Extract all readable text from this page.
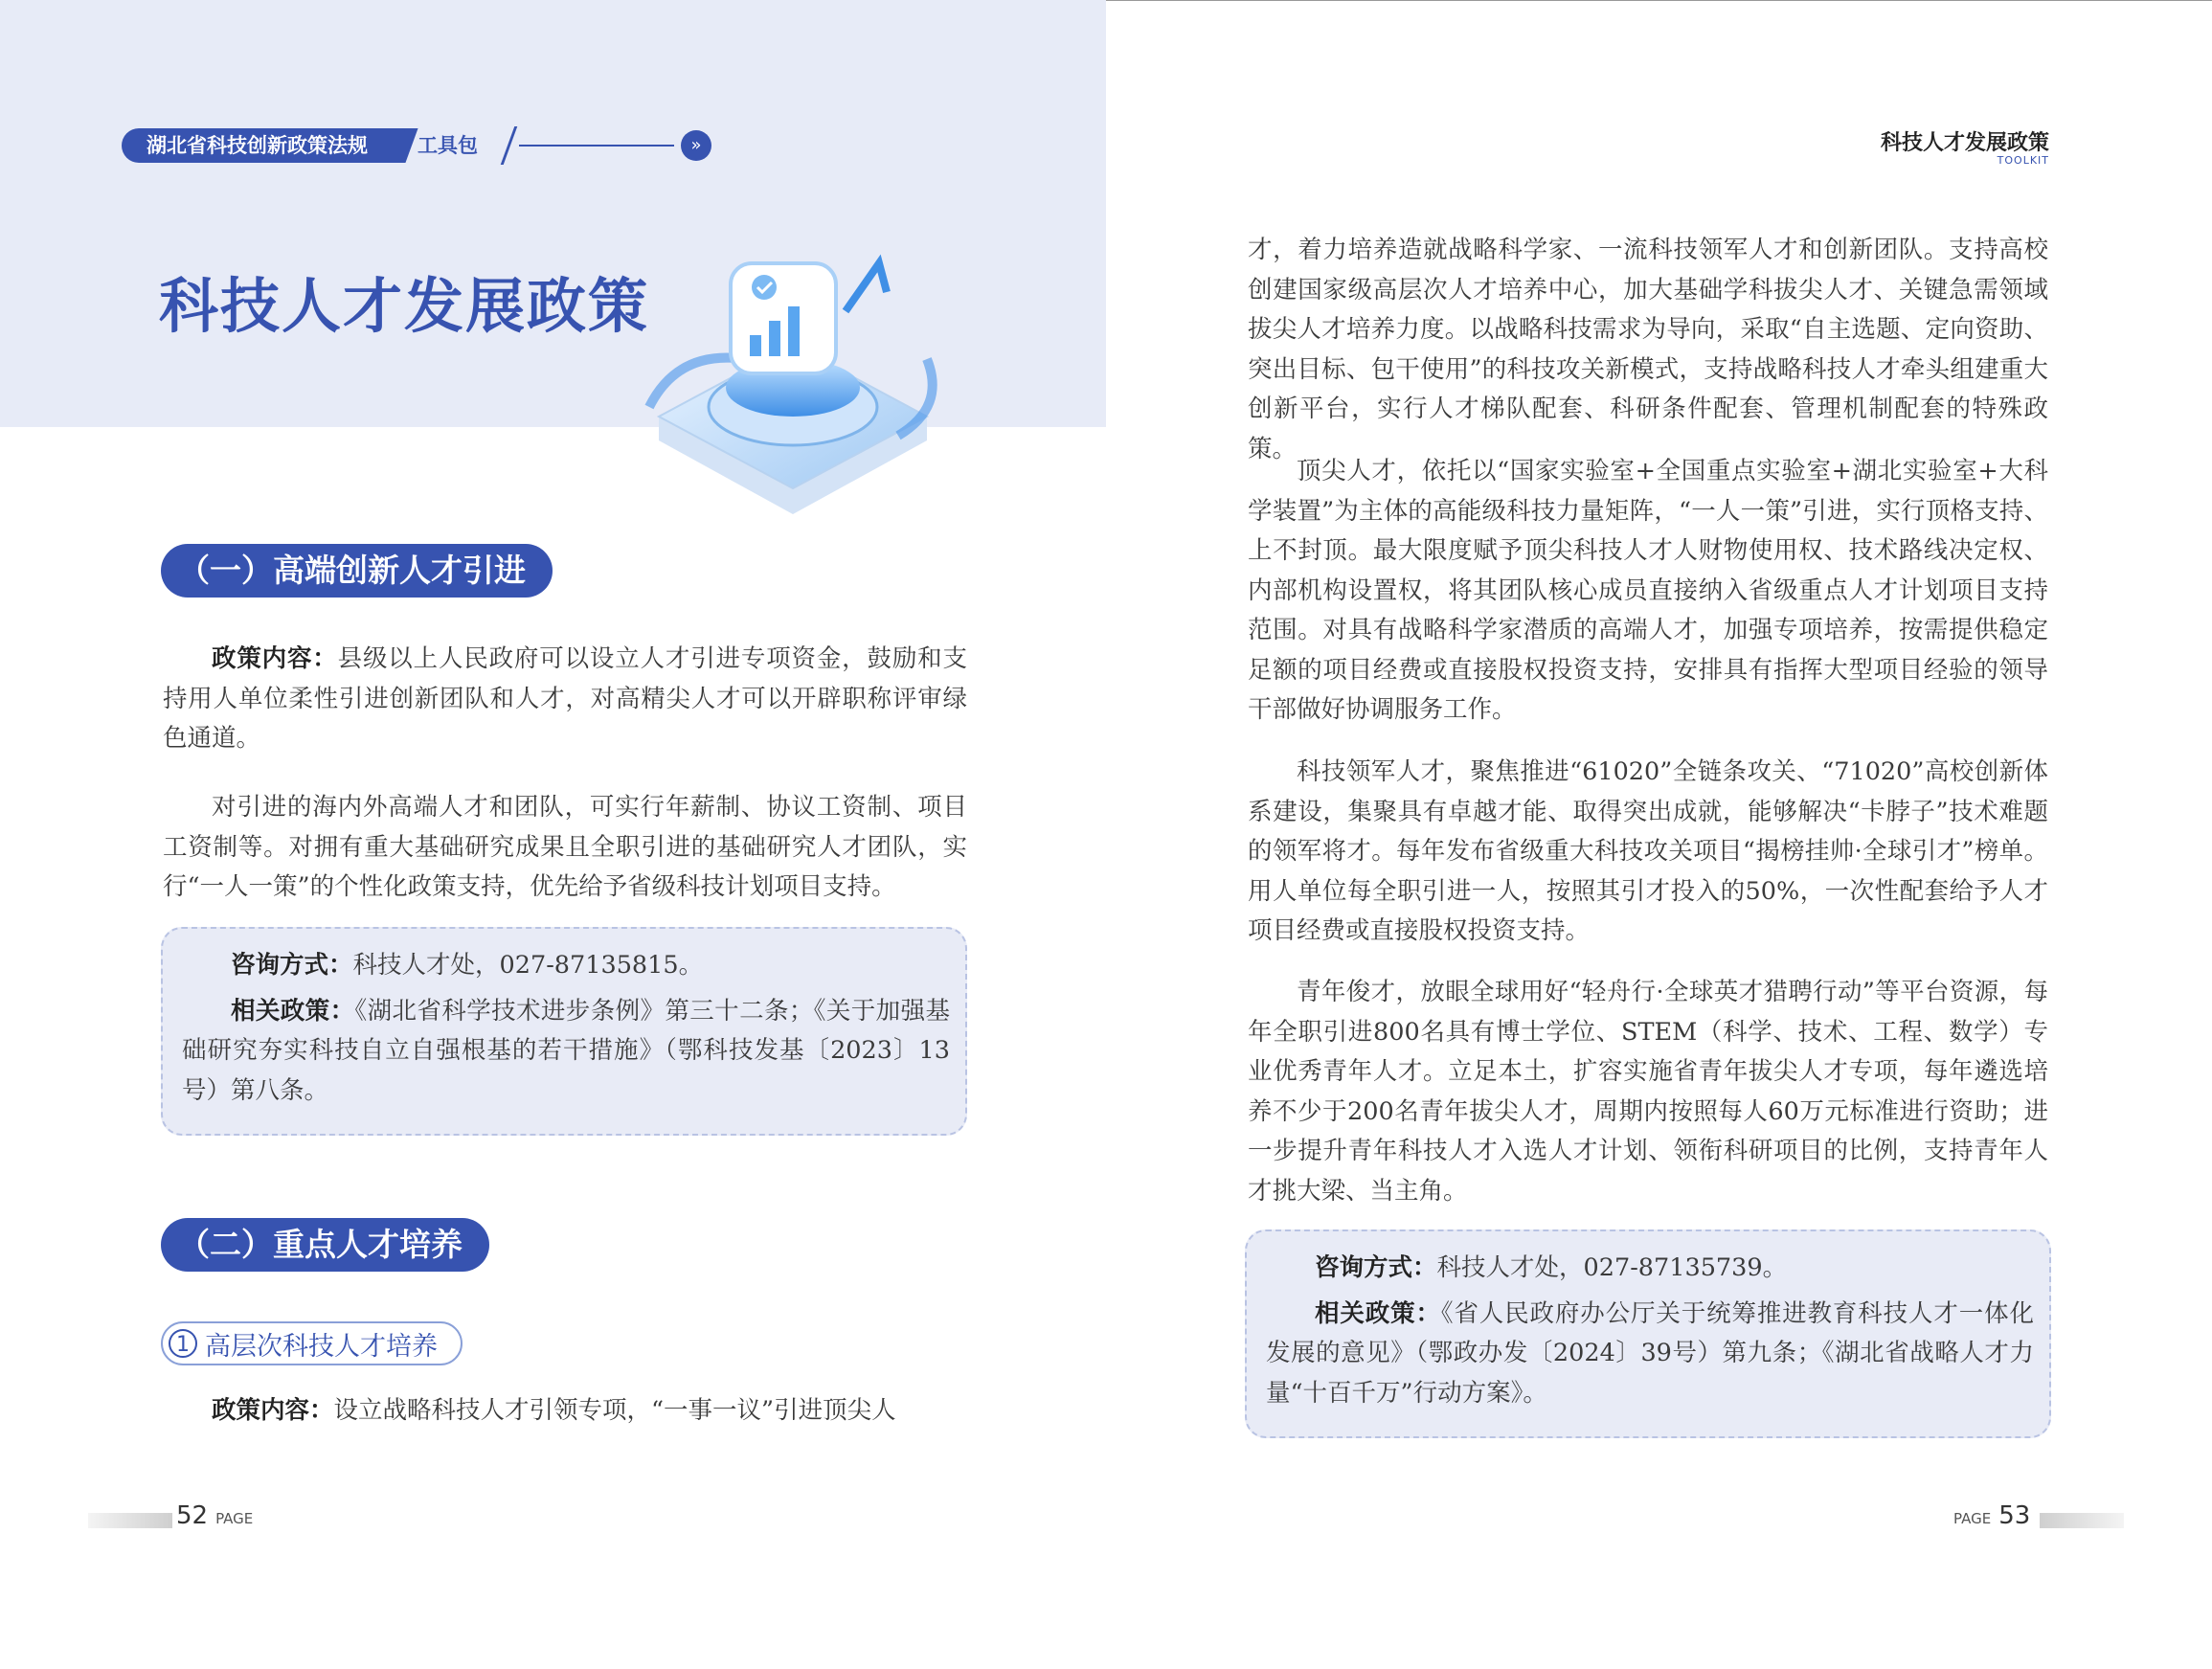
湖北省科技创新政策法规	工具包	»
科技人才发展政策
（一）高端创新人才引进

政策内容：县级以上人民政府可以设立人才引进专项资金，鼓励和支持用人单位柔性引进创新团队和人才，对高精尖人才可以开辟职称评审绿色通道。

对引进的海内外高端人才和团队，可实行年薪制、协议工资制、项目工资制等。对拥有重大基础研究成果且全职引进的基础研究人才团队，实行“一人一策”的个性化政策支持，优先给予省级科技计划项目支持。

咨询方式：科技人才处，027-87135815。

相关政策：《湖北省科学技术进步条例》第三十二条；《关于加强基础研究夯实科技自立自强根基的若干措施》（鄂科技发基〔2023〕13号）第八条。

（二）重点人才培养
1 高层次科技人才培养

政策内容：设立战略科技人才引领专项，“一事一议”引进顶尖人

科技人才发展政策
TOOLKIT

才，着力培养造就战略科学家、一流科技领军人才和创新团队。支持高校创建国家级高层次人才培养中心，加大基础学科拔尖人才、关键急需领域拔尖人才培养力度。以战略科技需求为导向，采取“自主选题、定向资助、突出目标、包干使用”的科技攻关新模式，支持战略科技人才牵头组建重大创新平台，实行人才梯队配套、科研条件配套、管理机制配套的特殊政策。

顶尖人才，依托以“国家实验室+全国重点实验室+湖北实验室+大科学装置”为主体的高能级科技力量矩阵，“一人一策”引进，实行顶格支持、上不封顶。最大限度赋予顶尖科技人才人财物使用权、技术路线决定权、内部机构设置权，将其团队核心成员直接纳入省级重点人才计划项目支持范围。对具有战略科学家潜质的高端人才，加强专项培养，按需提供稳定足额的项目经费或直接股权投资支持，安排具有指挥大型项目经验的领导干部做好协调服务工作。

科技领军人才，聚焦推进“61020”全链条攻关、“71020”高校创新体系建设，集聚具有卓越才能、取得突出成就，能够解决“卡脖子”技术难题的领军将才。每年发布省级重大科技攻关项目“揭榜挂帅·全球引才”榜单。用人单位每全职引进一人，按照其引才投入的50%，一次性配套给予人才项目经费或直接股权投资支持。

青年俊才，放眼全球用好“轻舟行·全球英才猎聘行动”等平台资源，每年全职引进800名具有博士学位、STEM（科学、技术、工程、数学）专业优秀青年人才。立足本土，扩容实施省青年拔尖人才专项，每年遴选培养不少于200名青年拔尖人才，周期内按照每人60万元标准进行资助；进一步提升青年科技人才入选人才计划、领衔科研项目的比例，支持青年人才挑大梁、当主角。

咨询方式：科技人才处，027-87135739。

相关政策：《省人民政府办公厅关于统筹推进教育科技人才一体化发展的意见》（鄂政办发〔2024〕39号）第九条；《湖北省战略人才力量“十百千万”行动方案》。

52 PAGE	PAGE 53
